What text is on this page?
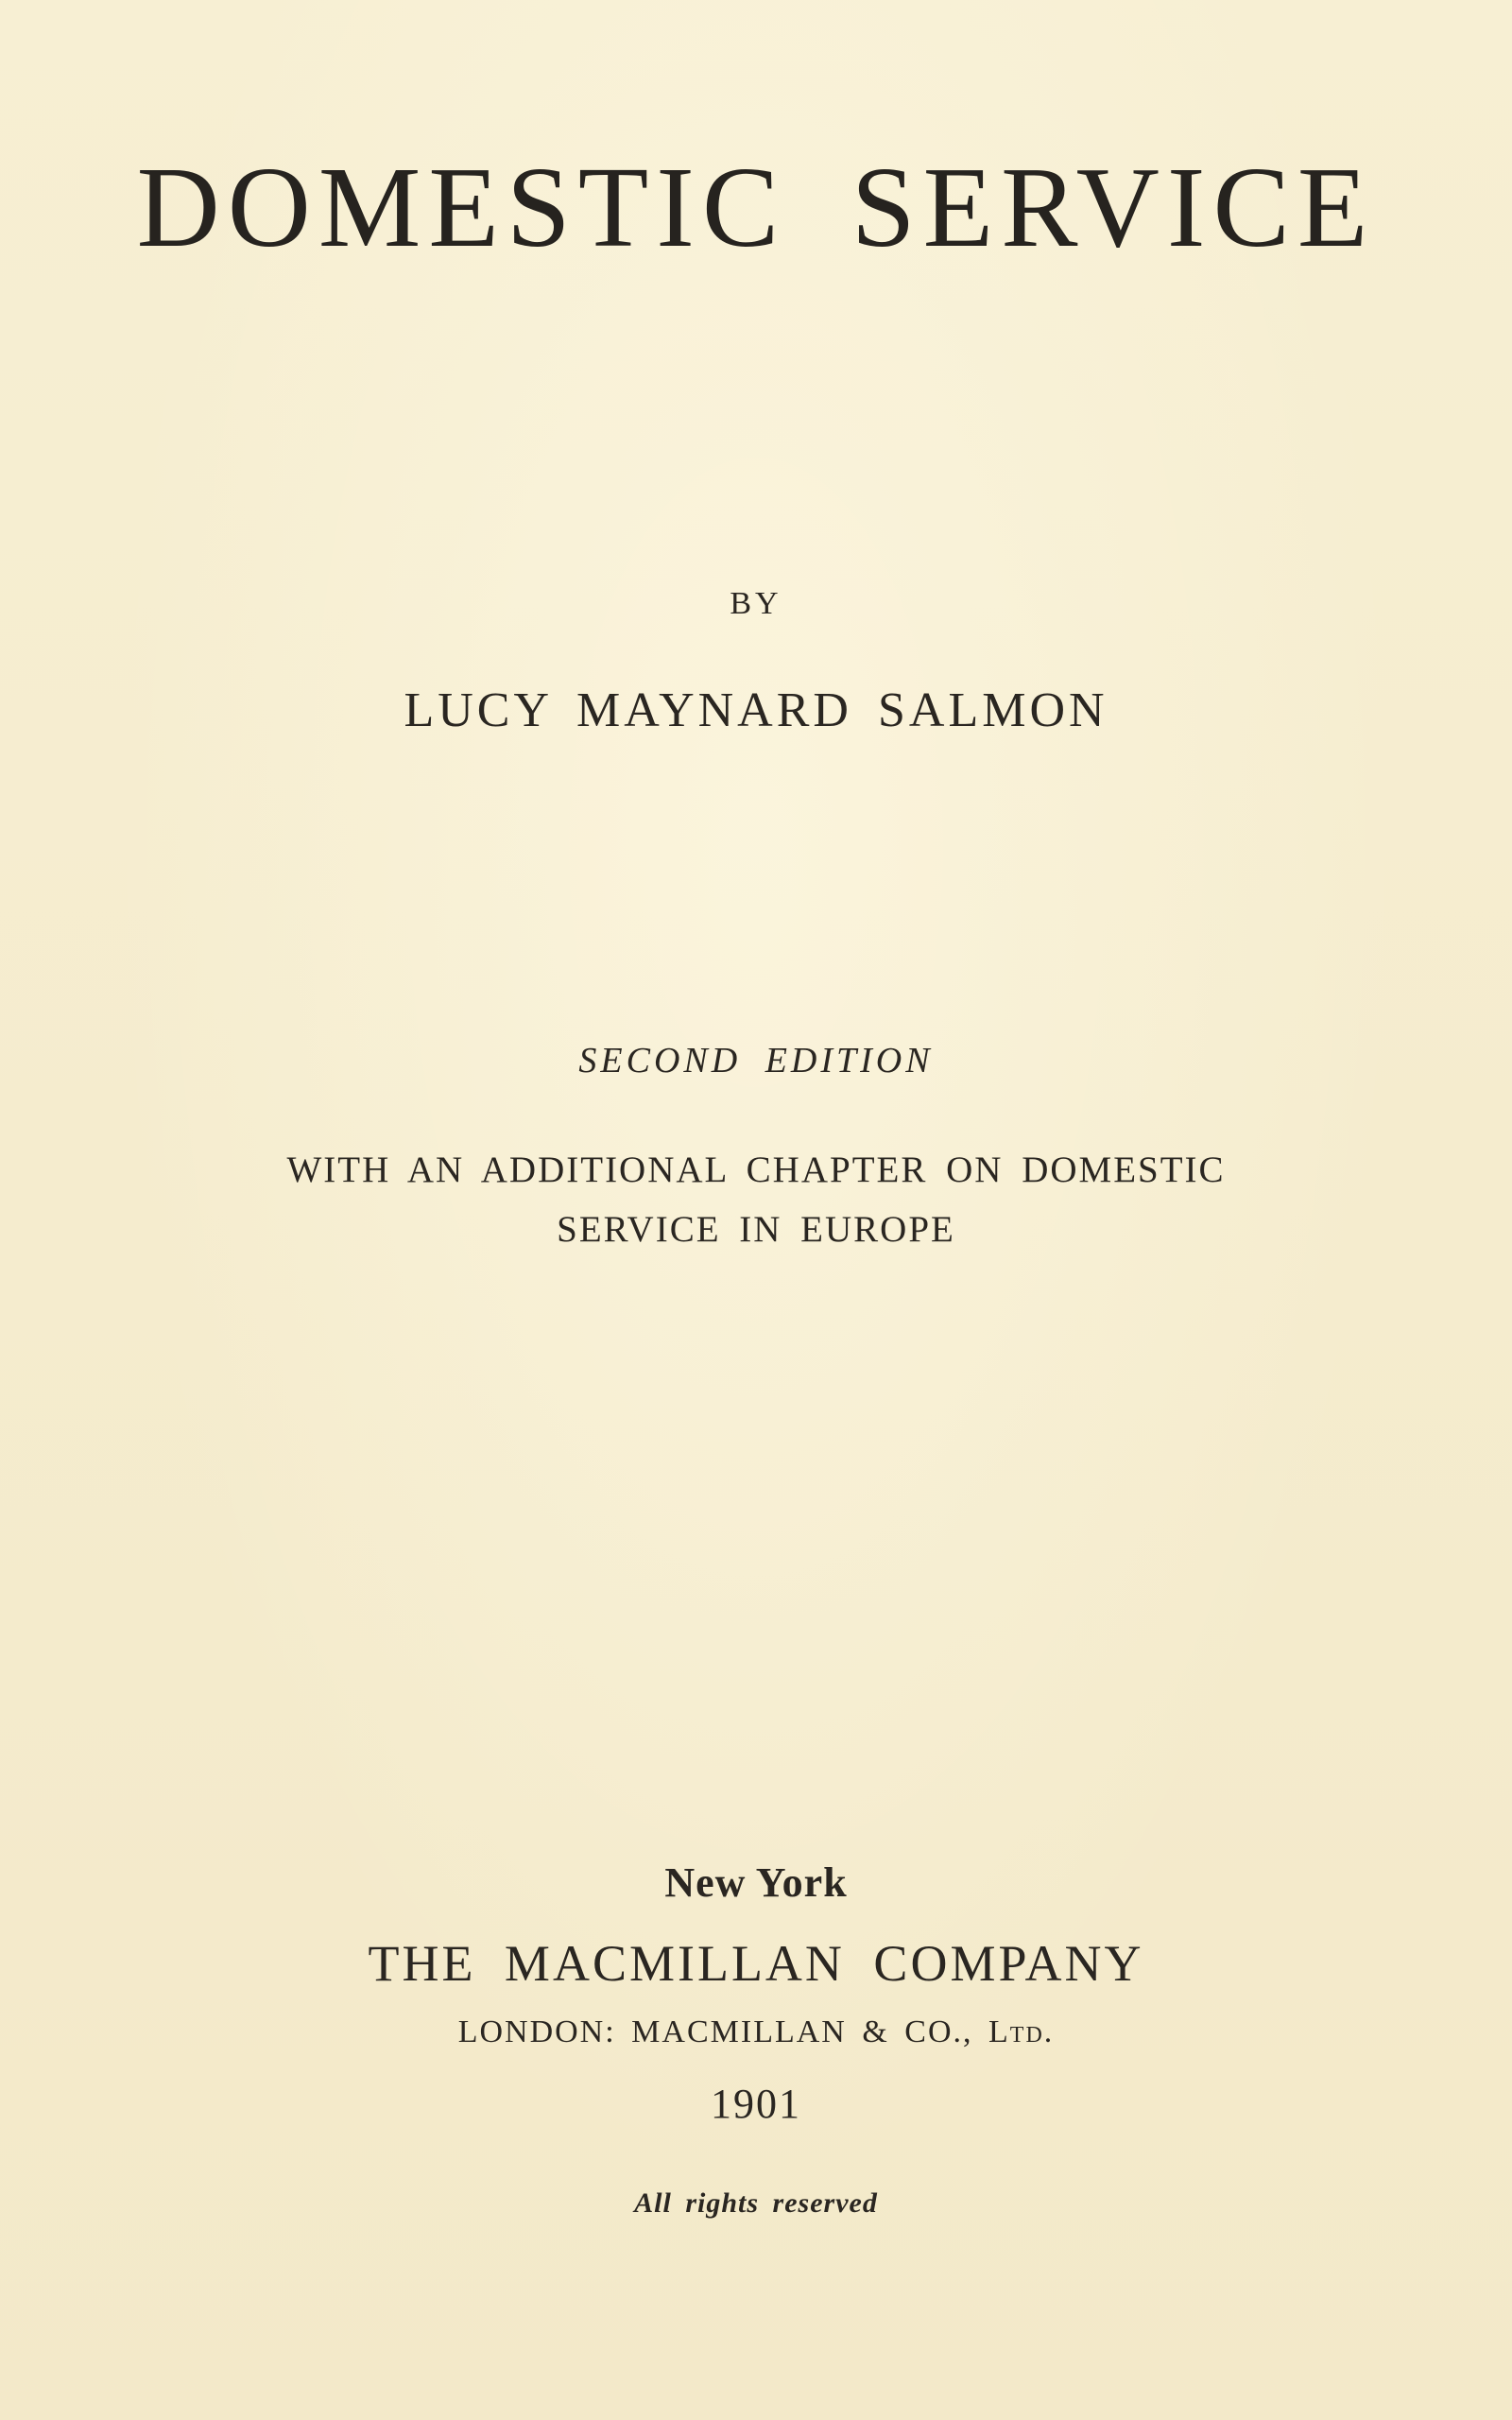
DOMESTIC SERVICE
BY
LUCY MAYNARD SALMON
SECOND EDITION
WITH AN ADDITIONAL CHAPTER ON DOMESTIC
SERVICE IN EUROPE
New York
THE MACMILLAN COMPANY
LONDON: MACMILLAN & CO., Ltd.
1901
All rights reserved
